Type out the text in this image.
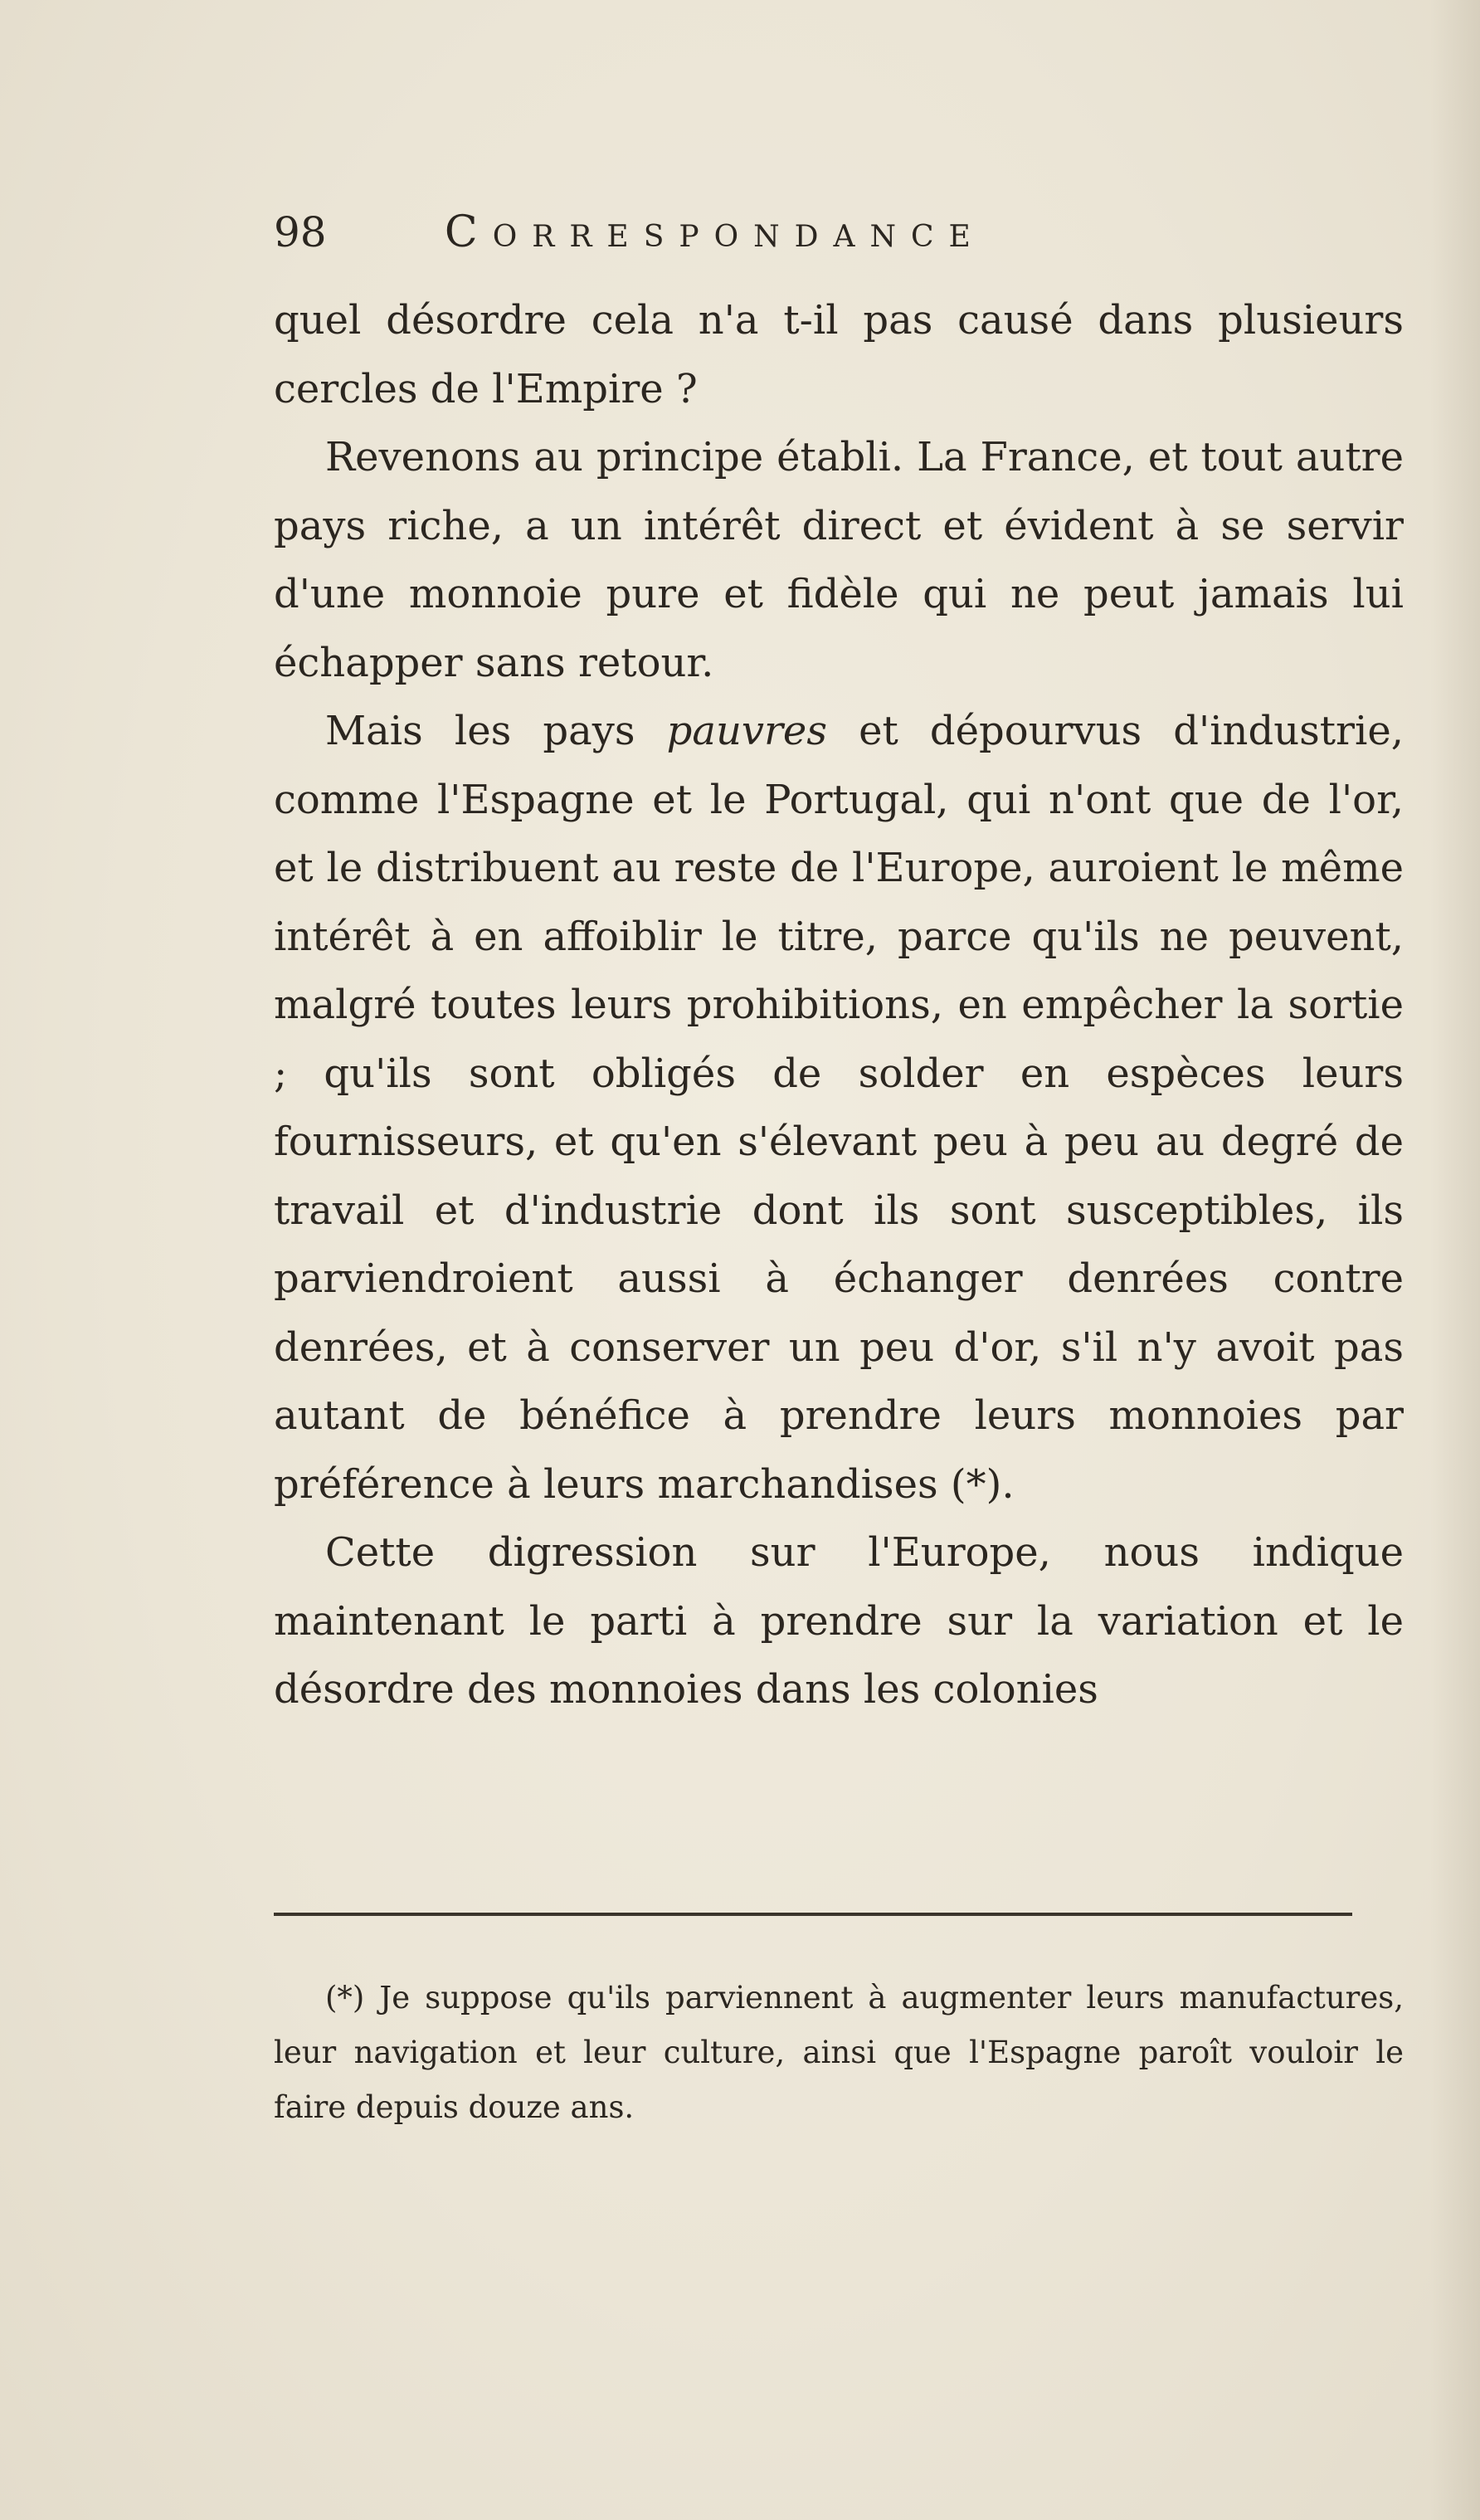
98	Correspondance

quel désordre cela n'a t-il pas causé dans plusieurs cercles de l'Empire ?

Revenons au principe établi. La France, et tout autre pays riche, a un intérêt direct et évident à se servir d'une monnoie pure et fidèle qui ne peut jamais lui échapper sans retour.

Mais les pays pauvres et dépourvus d'industrie, comme l'Espagne et le Portugal, qui n'ont que de l'or, et le distribuent au reste de l'Europe, auroient le même intérêt à en affoiblir le titre, parce qu'ils ne peuvent, malgré toutes leurs prohibitions, en empêcher la sortie ; qu'ils sont obligés de solder en espèces leurs fournisseurs, et qu'en s'élevant peu à peu au degré de travail et d'industrie dont ils sont susceptibles, ils parviendroient aussi à échanger denrées contre denrées, et à conserver un peu d'or, s'il n'y avoit pas autant de bénéfice à prendre leurs monnoies par préférence à leurs marchandises (*).

Cette digression sur l'Europe, nous indique maintenant le parti à prendre sur la variation et le désordre des monnoies dans les colonies

(*) Je suppose qu'ils parviennent à augmenter leurs manufactures, leur navigation et leur culture, ainsi que l'Espagne paroît vouloir le faire depuis douze ans.
